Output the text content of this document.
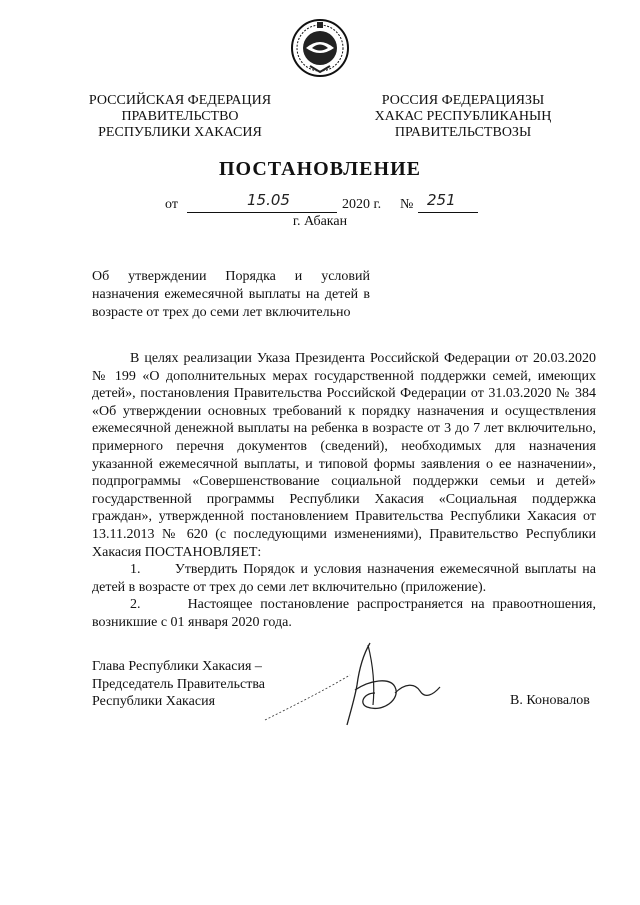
РОССИЙСКАЯ ФЕДЕРАЦИЯ
ПРАВИТЕЛЬСТВО
РЕСПУБЛИКИ ХАКАСИЯ
РОССИЯ ФЕДЕРАЦИЯЗЫ
ХАКАС РЕСПУБЛИКАНЫҢ
ПРАВИТЕЛЬСТВОЗЫ
ПОСТАНОВЛЕНИЕ
от	15.05	2020 г. № 251
г. Абакан
Об утверждении Порядка и условий назначения ежемесячной выплаты на детей в возрасте от трех до семи лет включительно

В целях реализации Указа Президента Российской Федерации от 20.03.2020 № 199 «О дополнительных мерах государственной поддержки семей, имеющих детей», постановления Правительства Российской Федерации от 31.03.2020 № 384 «Об утверждении основных требований к порядку назначения и осуществления ежемесячной денежной выплаты на ребенка в возрасте от 3 до 7 лет включительно, примерного перечня документов (сведений), необходимых для назначения указанной ежемесячной выплаты, и типовой формы заявления о ее назначении», подпрограммы «Совершенствование социальной поддержки семьи и детей» государственной программы Республики Хакасия «Социальная поддержка граждан», утвержденной постановлением Правительства Республики Хакасия от 13.11.2013 № 620 (с последующими изменениями), Правительство Республики Хакасия ПОСТАНОВЛЯЕТ:

1. Утвердить Порядок и условия назначения ежемесячной выплаты на детей в возрасте от трех до семи лет включительно (приложение).

2.	Настоящее постановление распространяется на правоотношения, возникшие с 01 января 2020 года.

Глава Республики Хакасия –
Председатель Правительства
Республики Хакасия	В. Коновалов
